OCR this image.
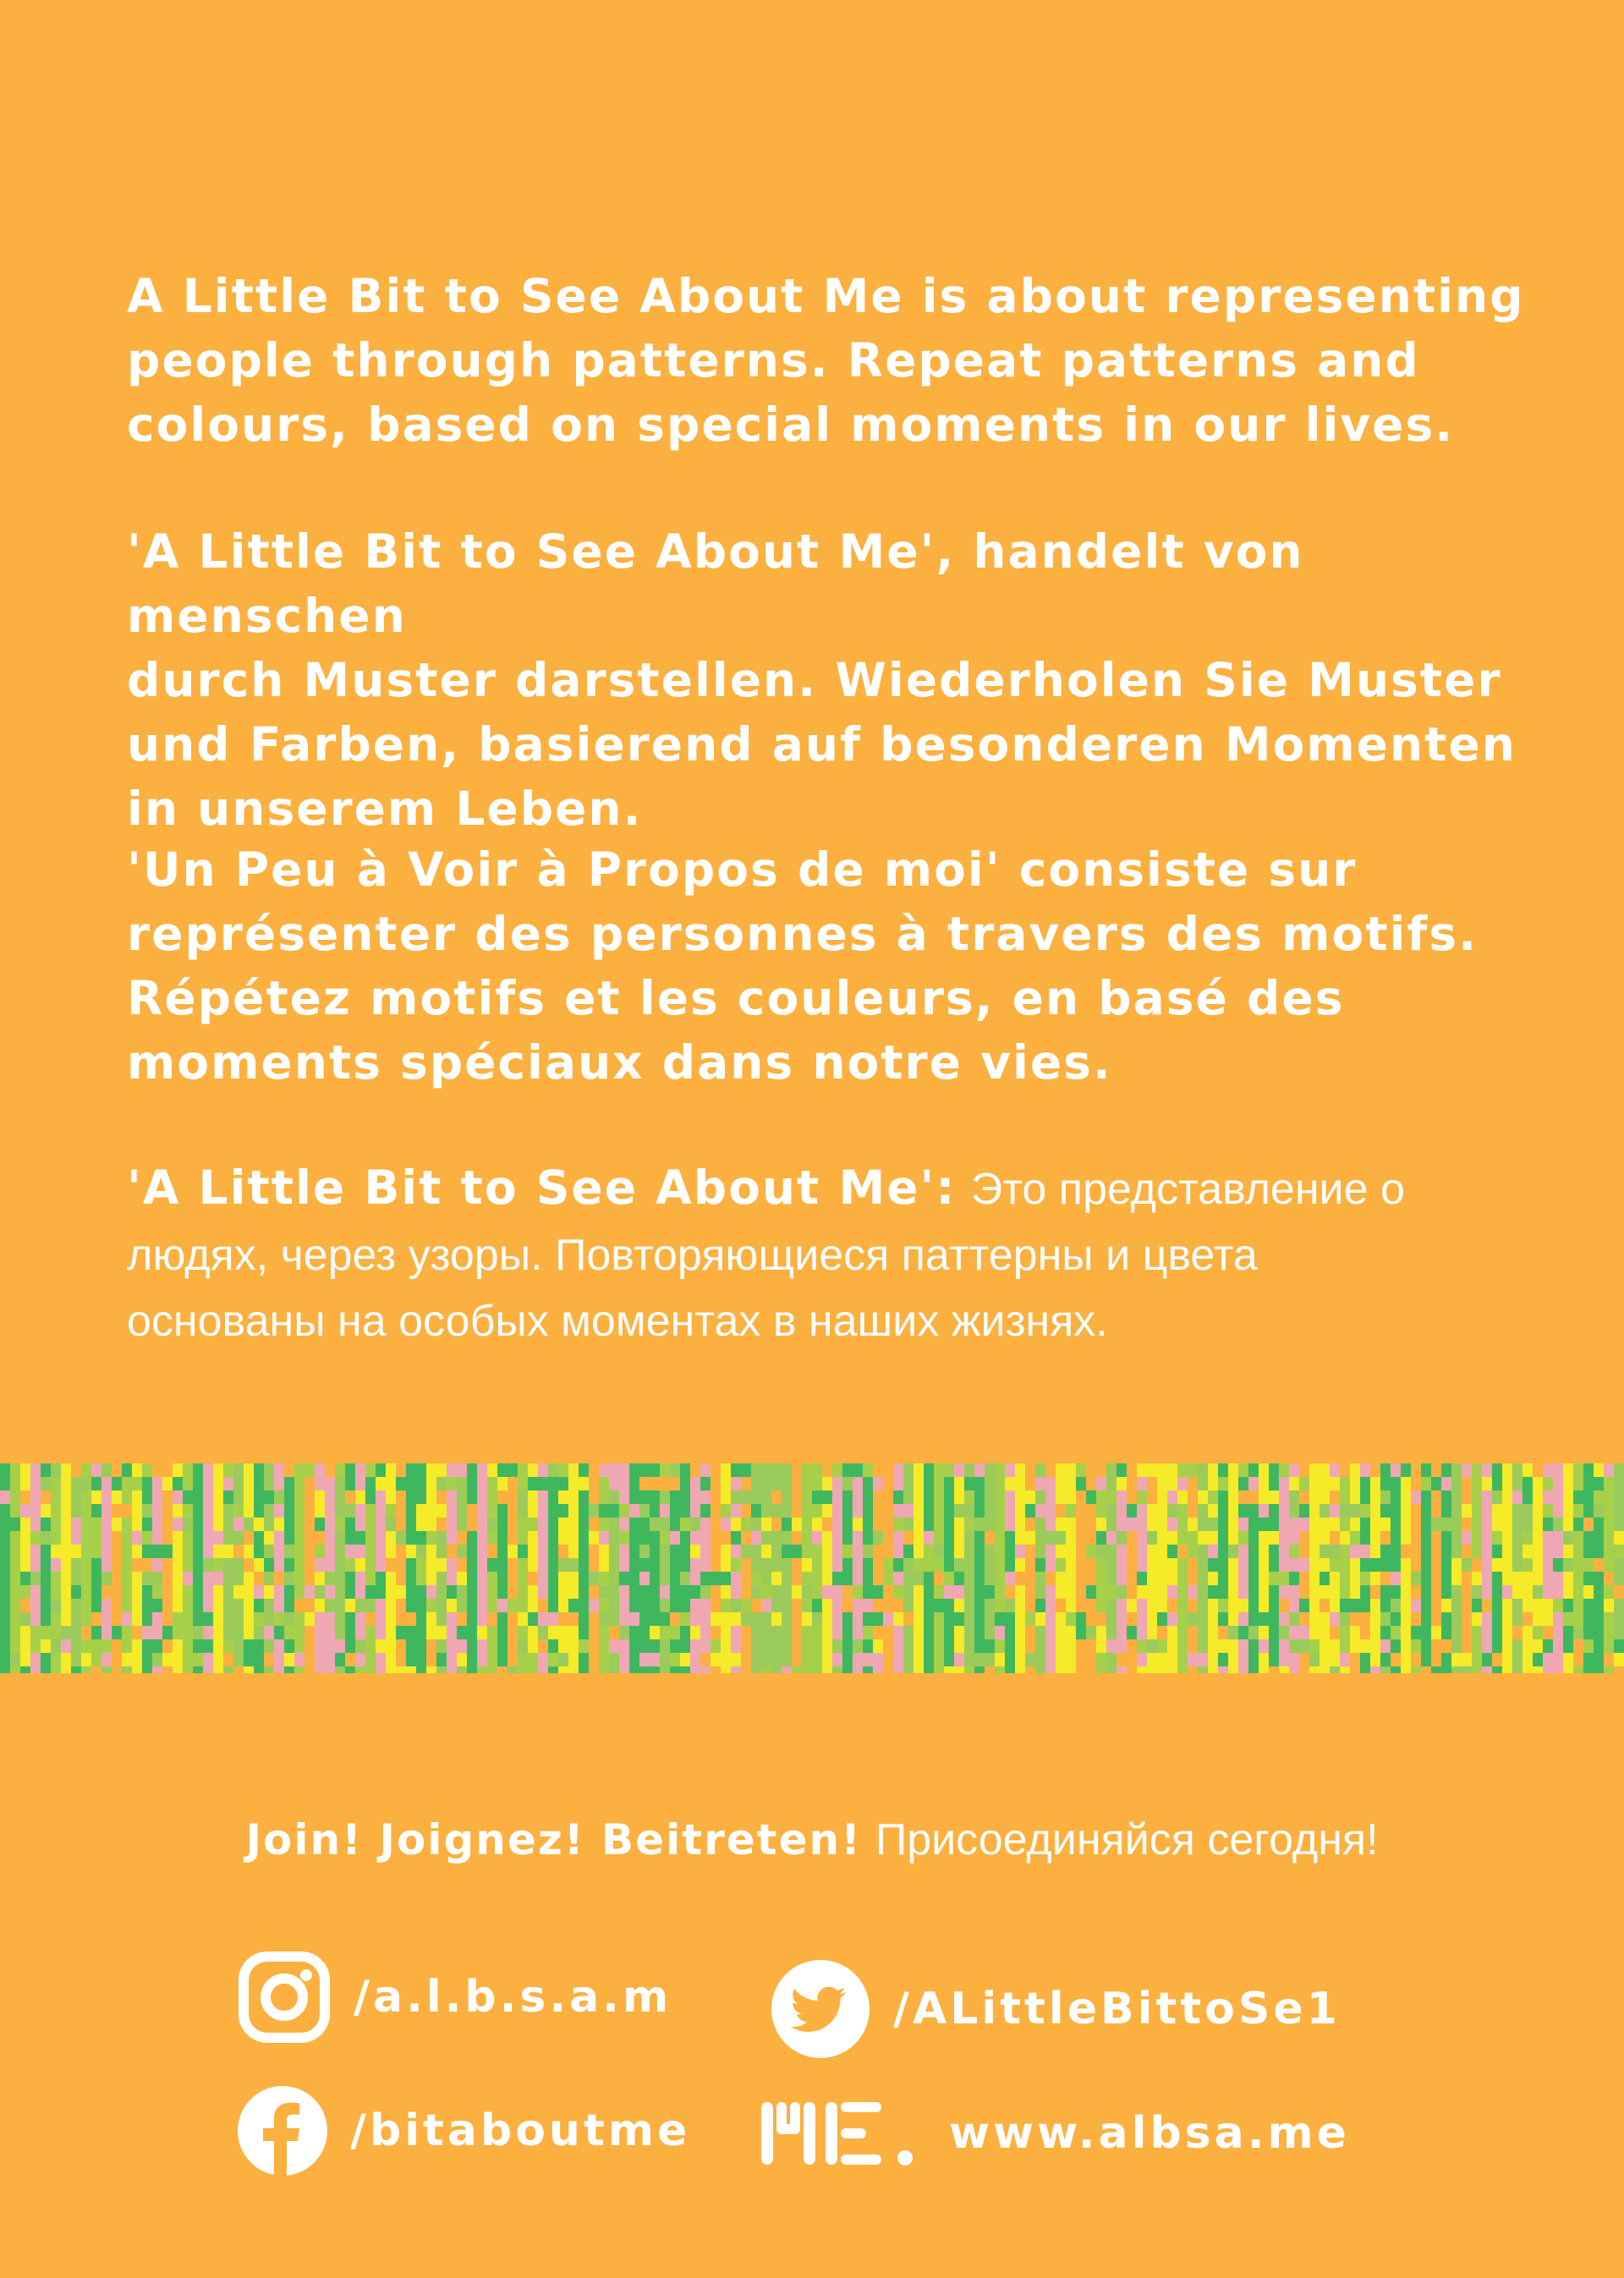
A Little Bit to See About Me is about representing
people through patterns. Repeat patterns and
colours, based on special moments in our lives.

'A Little Bit to See About Me', handelt von menschen
durch Muster darstellen. Wiederholen Sie Muster
und Farben, basierend auf besonderen Momenten
in unserem Leben.

'Un Peu à Voir à Propos de moi' consiste sur
représenter des personnes à travers des motifs.
Répétez motifs et les couleurs, en basé des
moments spéciaux dans notre vies.

'A Little Bit to See About Me': Это представление о людях, через узоры. Повторяющиеся паттерны и цвета основаны на особых моментах в наших жизнях.

Join! Joignez! Beitreten! Присоединяйся сегодня!
/a.l.b.s.a.m	/ALittleBittoSe1
/bitaboutme	www.albsa.me
